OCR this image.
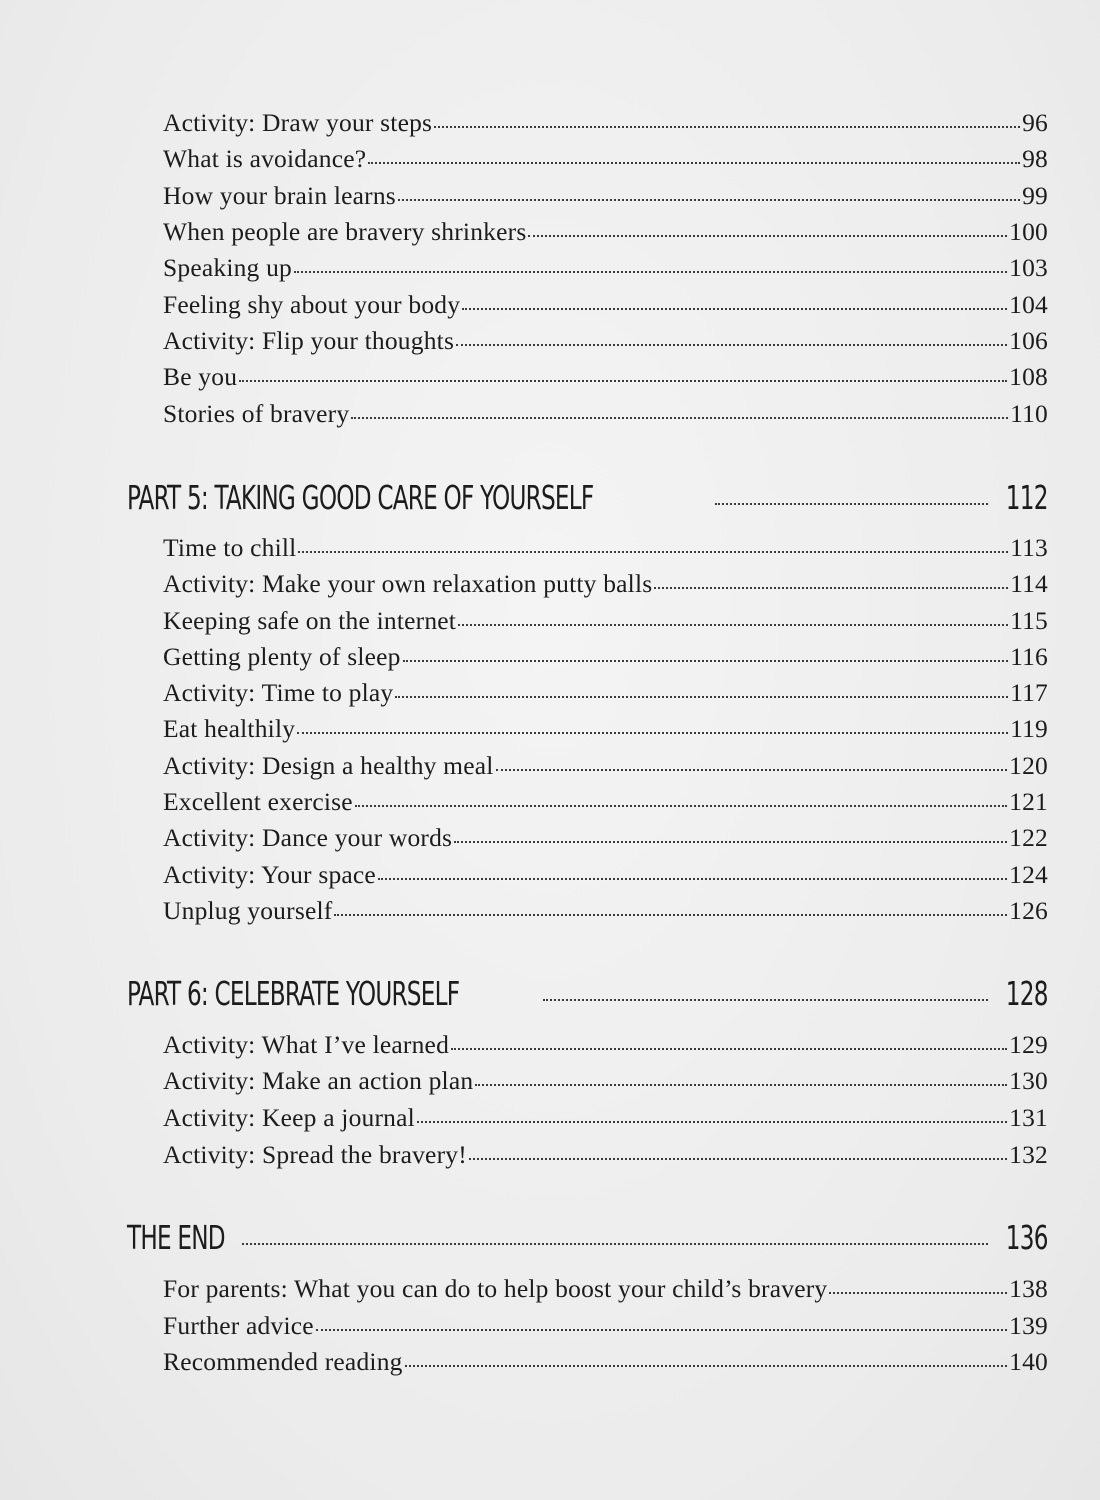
Activity: Draw your steps	96
What is avoidance?	98
How your brain learns	99
When people are bravery shrinkers	100
Speaking up	103
Feeling shy about your body	104
Activity: Flip your thoughts	106
Be you	108
Stories of bravery	110
PART 5: TAKING GOOD CARE OF YOURSELF	112
Time to chill	113
Activity: Make your own relaxation putty balls	114
Keeping safe on the internet	115
Getting plenty of sleep	116
Activity: Time to play	117
Eat healthily	119
Activity: Design a healthy meal	120
Excellent exercise	121
Activity: Dance your words	122
Activity: Your space	124
Unplug yourself	126
PART 6: CELEBRATE YOURSELF	128
Activity: What I’ve learned	129
Activity: Make an action plan	130
Activity: Keep a journal	131
Activity: Spread the bravery!	132
THE END	136
For parents: What you can do to help boost your child’s bravery	138
Further advice	139
Recommended reading	140
